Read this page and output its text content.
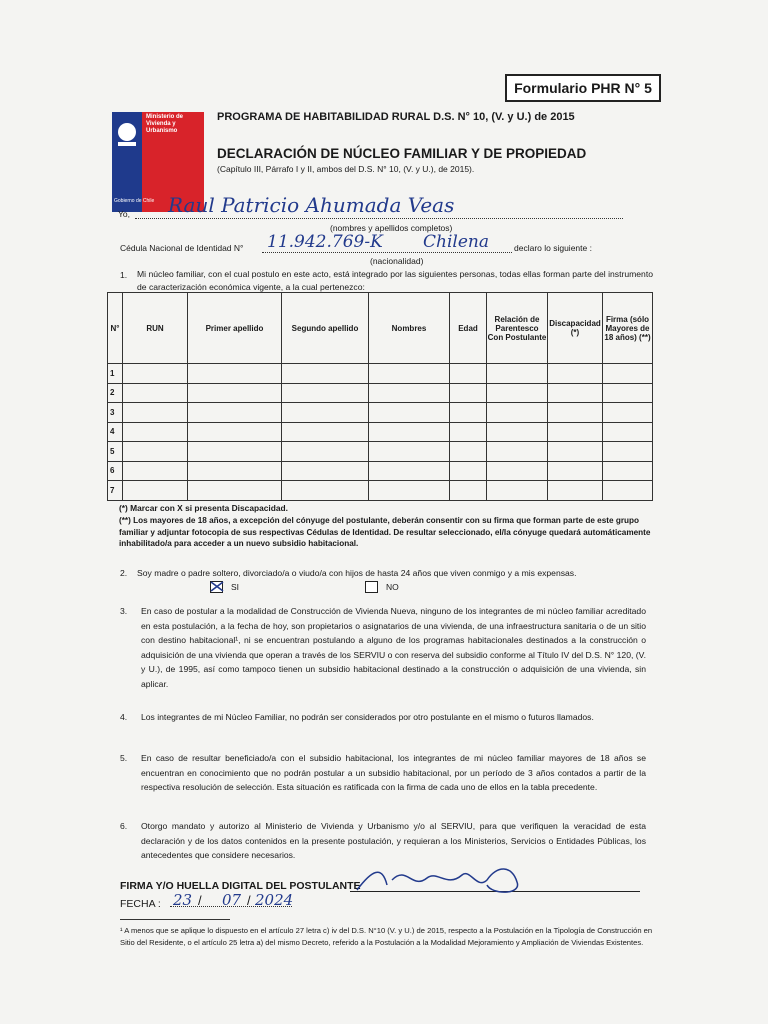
Formulario PHR N° 5
Ministerio de
Vivienda y
Urbanismo
Gobierno de Chile
PROGRAMA DE HABITABILIDAD RURAL D.S. N° 10, (V. y U.) de 2015
DECLARACIÓN DE NÚCLEO FAMILIAR Y DE PROPIEDAD
(Capítulo III, Párrafo I y II, ambos del D.S. N° 10, (V. y U.), de 2015).
Yo, Raul Patricio Ahumada Veas
(nombres y apellidos completos)
Cédula Nacional de Identidad N° 11.942.769-K Chilena	declaro lo siguiente :
(nacionalidad)
1.	Mi núcleo familiar, con el cual postulo en este acto, está integrado por las siguientes personas, todas ellas forman parte del instrumento de caracterización económica vigente, a la cual pertenezco:
N°	RUN	Primer apellido	Segundo apellido	Nombres	Edad	Relación de Parentesco Con Postulante	Discapacidad (*)	Firma (sólo Mayores de 18 años) (**)
1								
2								
3								
4								
5								
6								
7								
(*) Marcar con X si presenta Discapacidad.
(**) Los mayores de 18 años, a excepción del cónyuge del postulante, deberán consentir con su firma que forman parte de este grupo familiar y adjuntar fotocopia de sus respectivas Cédulas de Identidad. De resultar seleccionado, el/la cónyuge quedará automáticamente inhabilitado/a para acceder a un nuevo subsidio habitacional.
2. Soy madre o padre soltero, divorciado/a o viudo/a con hijos de hasta 24 años que viven conmigo y a mis expensas.
SI	NO
3. En caso de postular a la modalidad de Construcción de Vivienda Nueva, ninguno de los integrantes de mi núcleo familiar acreditado en esta postulación, a la fecha de hoy, son propietarios o asignatarios de una vivienda, de una infraestructura sanitaria o de un sitio con destino habitacional¹, ni se encuentran postulando a alguno de los programas habitacionales destinados a la construcción o adquisición de una vivienda que operan a través de los SERVIU o con reserva del subsidio conforme al Título IV del D.S. N° 120, (V. y U.), de 1995, así como tampoco tienen un subsidio habitacional destinado a la construcción o adquisición de una vivienda, sin aplicar.
4. Los integrantes de mi Núcleo Familiar, no podrán ser considerados por otro postulante en el mismo o futuros llamados.
5. En caso de resultar beneficiado/a con el subsidio habitacional, los integrantes de mi núcleo familiar mayores de 18 años se encuentran en conocimiento que no podrán postular a un subsidio habitacional, por un período de 3 años contados a partir de la respectiva resolución de selección. Esta situación es ratificada con la firma de cada uno de ellos en la tabla precedente.
6. Otorgo mandato y autorizo al Ministerio de Vivienda y Urbanismo y/o al SERVIU, para que verifiquen la veracidad de esta declaración y de los datos contenidos en la presente postulación, y requieran a los Ministerios, Servicios o Entidades Públicas, los antecedentes que considere necesarios.
FIRMA Y/O HUELLA DIGITAL DEL POSTULANTE
FECHA : 23 / 07 / 2024
¹ A menos que se aplique lo dispuesto en el artículo 27 letra c) iv del D.S. N°10 (V. y U.) de 2015, respecto a la Postulación en la Tipología de Construcción en Sitio del Residente, o el artículo 25 letra a) del mismo Decreto, referido a la Postulación a la Modalidad Mejoramiento y Ampliación de Viviendas Existentes.
